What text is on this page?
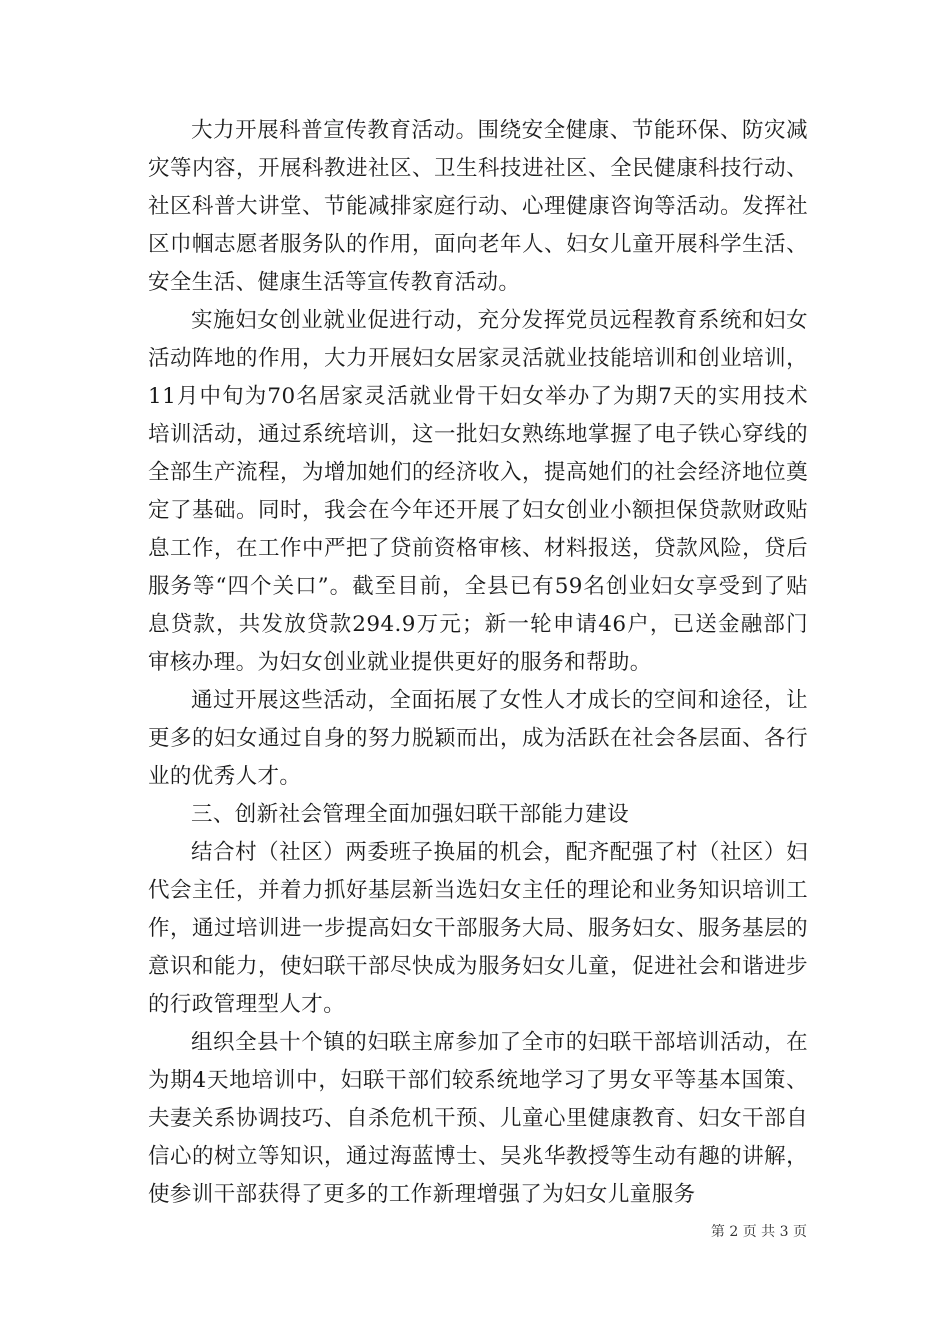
大力开展科普宣传教育活动。围绕安全健康、节能环保、防灾减灾等内容，开展科教进社区、卫生科技进社区、全民健康科技行动、社区科普大讲堂、节能减排家庭行动、心理健康咨询等活动。发挥社区巾帼志愿者服务队的作用，面向老年人、妇女儿童开展科学生活、安全生活、健康生活等宣传教育活动。

实施妇女创业就业促进行动，充分发挥党员远程教育系统和妇女活动阵地的作用，大力开展妇女居家灵活就业技能培训和创业培训，11月中旬为70名居家灵活就业骨干妇女举办了为期7天的实用技术培训活动，通过系统培训，这一批妇女熟练地掌握了电子铁心穿线的全部生产流程，为增加她们的经济收入，提高她们的社会经济地位奠定了基础。同时，我会在今年还开展了妇女创业小额担保贷款财政贴息工作，在工作中严把了贷前资格审核、材料报送，贷款风险，贷后服务等“四个关口”。截至目前，全县已有59名创业妇女享受到了贴息贷款，共发放贷款294.9万元；新一轮申请46户，已送金融部门审核办理。为妇女创业就业提供更好的服务和帮助。

通过开展这些活动，全面拓展了女性人才成长的空间和途径，让更多的妇女通过自身的努力脱颖而出，成为活跃在社会各层面、各行业的优秀人才。

三、创新社会管理全面加强妇联干部能力建设

结合村（社区）两委班子换届的机会，配齐配强了村（社区）妇代会主任，并着力抓好基层新当选妇女主任的理论和业务知识培训工作，通过培训进一步提高妇女干部服务大局、服务妇女、服务基层的意识和能力，使妇联干部尽快成为服务妇女儿童，促进社会和谐进步的行政管理型人才。

组织全县十个镇的妇联主席参加了全市的妇联干部培训活动，在为期4天地培训中，妇联干部们较系统地学习了男女平等基本国策、夫妻关系协调技巧、自杀危机干预、儿童心里健康教育、妇女干部自信心的树立等知识，通过海蓝博士、吴兆华教授等生动有趣的讲解，使参训干部获得了更多的工作新理增强了为妇女儿童服务

第 2 页 共 3 页
